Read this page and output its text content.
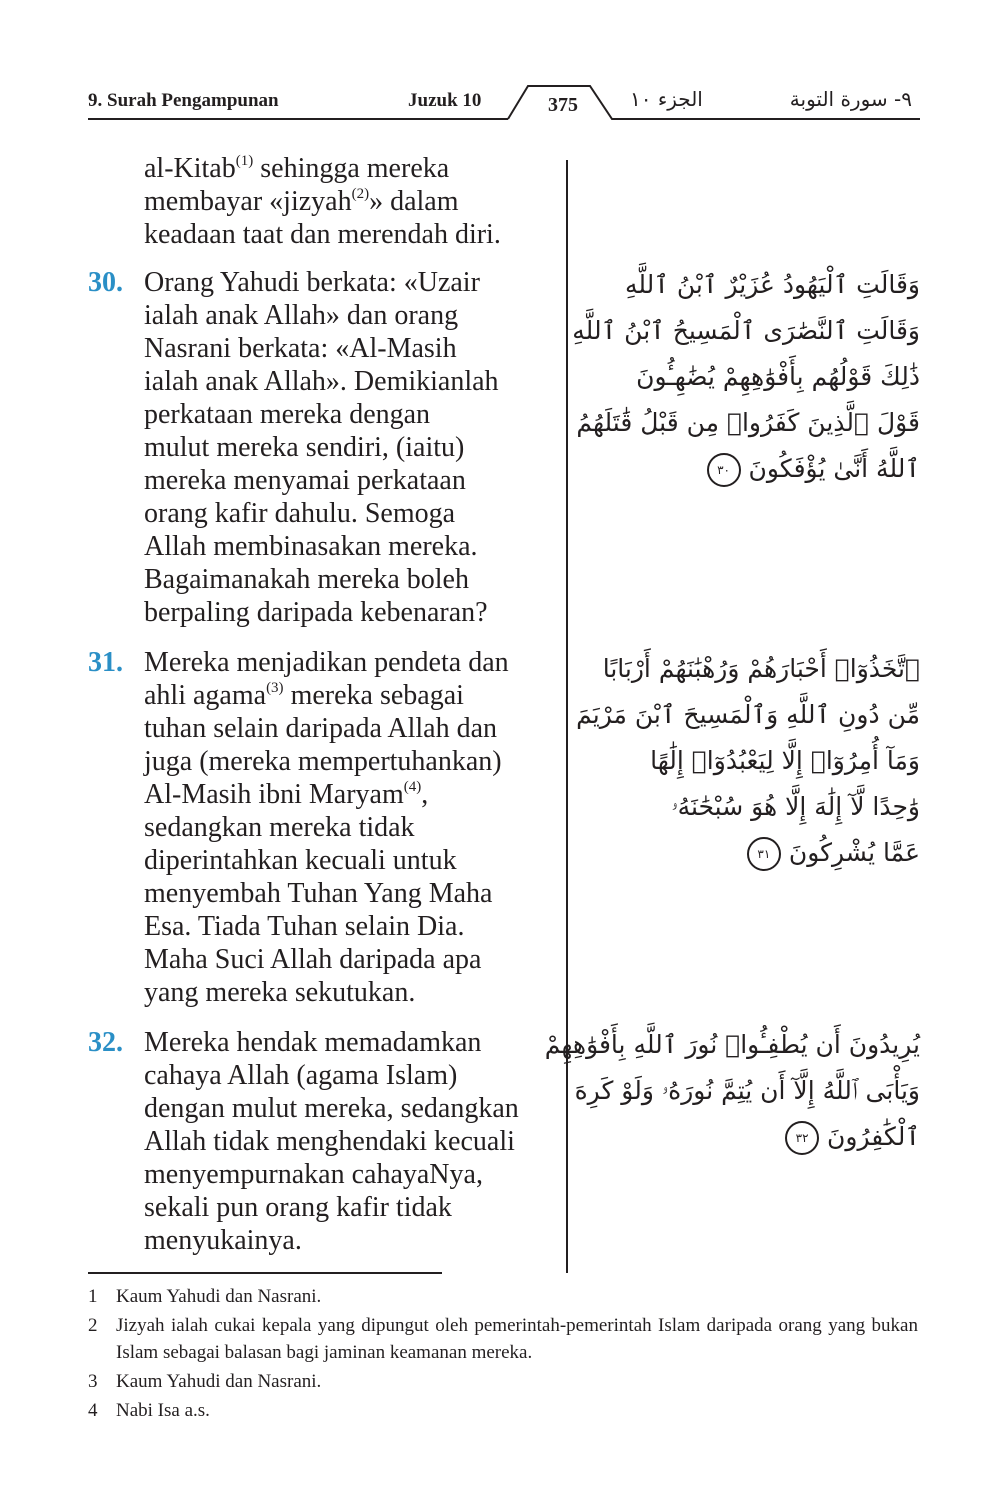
9. Surah Pengampunan	Juzuk 10	375	الجزء ١٠	٩- سورة التوبة
al-Kitab$^{(1)}$ sehingga mereka
membayar «jizyah$^{(2)}$» dalam
keadaan taat dan merendah diri.
30. Orang Yahudi berkata: «Uzair
ialah anak Allah» dan orang
Nasrani berkata: «Al-Masih
ialah anak Allah». Demikianlah
perkataan mereka dengan
mulut mereka sendiri, (iaitu)
mereka menyamai perkataan
orang kafir dahulu. Semoga
Allah membinasakan mereka.
Bagaimanakah mereka boleh
berpaling daripada kebenaran?
31. Mereka menjadikan pendeta dan
ahli agama$^{(3)}$ mereka sebagai
tuhan selain daripada Allah dan
juga (mereka mempertuhankan)
Al-Masih ibni Maryam$^{(4)}$,
sedangkan mereka tidak
diperintahkan kecuali untuk
menyembah Tuhan Yang Maha
Esa. Tiada Tuhan selain Dia.
Maha Suci Allah daripada apa
yang mereka sekutukan.
32. Mereka hendak memadamkan
cahaya Allah (agama Islam)
dengan mulut mereka, sedangkan
Allah tidak menghendaki kecuali
menyempurnakan cahayaNya,
sekali pun orang kafir tidak
menyukainya.
وَقَالَتِ ٱلْيَهُودُ عُزَيْرٌ ٱبْنُ ٱللَّهِ
وَقَالَتِ ٱلنَّصَٰرَى ٱلْمَسِيحُ ٱبْنُ ٱللَّهِ
ذَٰلِكَ قَوْلُهُم بِأَفْوَٰهِهِمْ يُضَٰهِـُٔونَ
قَوْلَ ٱلَّذِينَ كَفَرُوا۟ مِن قَبْلُ قَٰتَلَهُمُ
ٱللَّهُ أَنَّىٰ يُؤْفَكُونَ ٣٠
ٱتَّخَذُوٓا۟ أَحْبَارَهُمْ وَرُهْبَٰنَهُمْ أَرْبَابًا
مِّن دُونِ ٱللَّهِ وَٱلْمَسِيحَ ٱبْنَ مَرْيَمَ
وَمَآ أُمِرُوٓا۟ إِلَّا لِيَعْبُدُوٓا۟ إِلَٰهًا
وَٰحِدًا لَّآ إِلَٰهَ إِلَّا هُوَ سُبْحَٰنَهُۥ
عَمَّا يُشْرِكُونَ ٣١
يُرِيدُونَ أَن يُطْفِـُٔوا۟ نُورَ ٱللَّهِ بِأَفْوَٰهِهِمْ
وَيَأْبَى ٱللَّهُ إِلَّآ أَن يُتِمَّ نُورَهُۥ وَلَوْ كَرِهَ
ٱلْكَٰفِرُونَ ٣٢
1 Kaum Yahudi dan Nasrani.
2 Jizyah ialah cukai kepala yang dipungut oleh pemerintah-pemerintah Islam daripada orang yang bukan Islam sebagai balasan bagi jaminan keamanan mereka.
3 Kaum Yahudi dan Nasrani.
4 Nabi Isa a.s.
